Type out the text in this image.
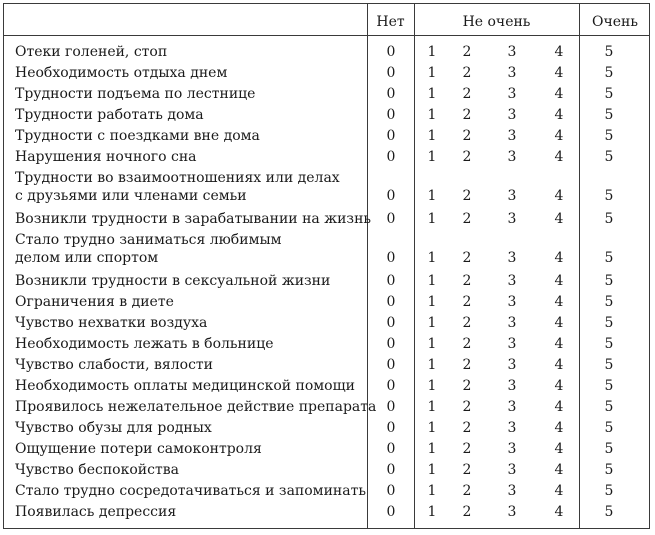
Нет	Не очень	Очень
Отеки голеней, стоп	0	1	2	3	4	5
Необходимость отдыха днем	0	1	2	3	4	5
Трудности подъема по лестнице	0	1	2	3	4	5
Трудности работать дома	0	1	2	3	4	5
Трудности с поездками вне дома	0	1	2	3	4	5
Нарушения ночного сна	0	1	2	3	4	5
Трудности во взаимоотношениях или делах
с друзьями или членами семьи	0	1	2	3	4	5
Возникли трудности в зарабатывании на жизнь	0	1	2	3	4	5
Стало трудно заниматься любимым
делом или спортом	0	1	2	3	4	5
Возникли трудности в сексуальной жизни	0	1	2	3	4	5
Ограничения в диете	0	1	2	3	4	5
Чувство нехватки воздуха	0	1	2	3	4	5
Необходимость лежать в больнице	0	1	2	3	4	5
Чувство слабости, вялости	0	1	2	3	4	5
Необходимость оплаты медицинской помощи	0	1	2	3	4	5
Проявилось нежелательное действие препарата 0	1	2	3	4	5
Чувство обузы для родных	0	1	2	3	4	5
Ощущение потери самоконтроля	0	1	2	3	4	5
Чувство беспокойства	0	1	2	3	4	5
Стало трудно сосредотачиваться и запоминать	0	1	2	3	4	5
Появилась депрессия	0	1	2	3	4	5
